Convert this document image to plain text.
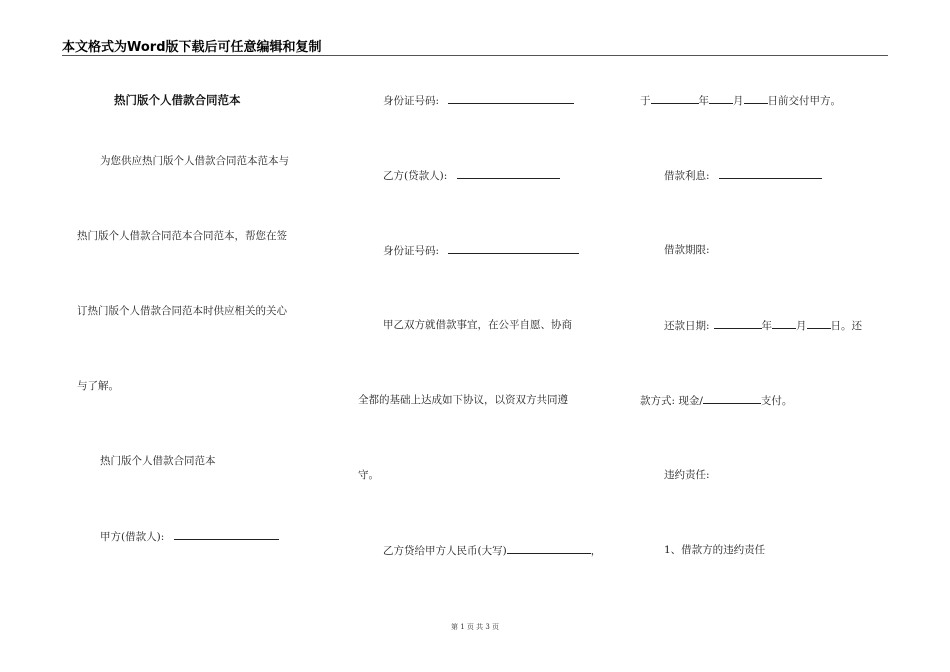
本文格式为Word版下载后可任意编辑和复制
热门版个人借款合同范本
为您供应热门版个人借款合同范本范本与
热门版个人借款合同范本合同范本，帮您在签
订热门版个人借款合同范本时供应相关的关心
与了解。
热门版个人借款合同范本
甲方(借款人):
身份证号码:
乙方(贷款人):
身份证号码:
甲乙双方就借款事宜，在公平自愿、协商
全都的基础上达成如下协议，以资双方共同遵
守。
乙方贷给甲方人民币(大写)	，
于	年 月 日前交付甲方。
借款利息:
借款期限:
还款日期:	年 月 日。还
款方式: 现金/	支付。
违约责任:
1、借款方的违约责任
第 1 页 共 3 页
